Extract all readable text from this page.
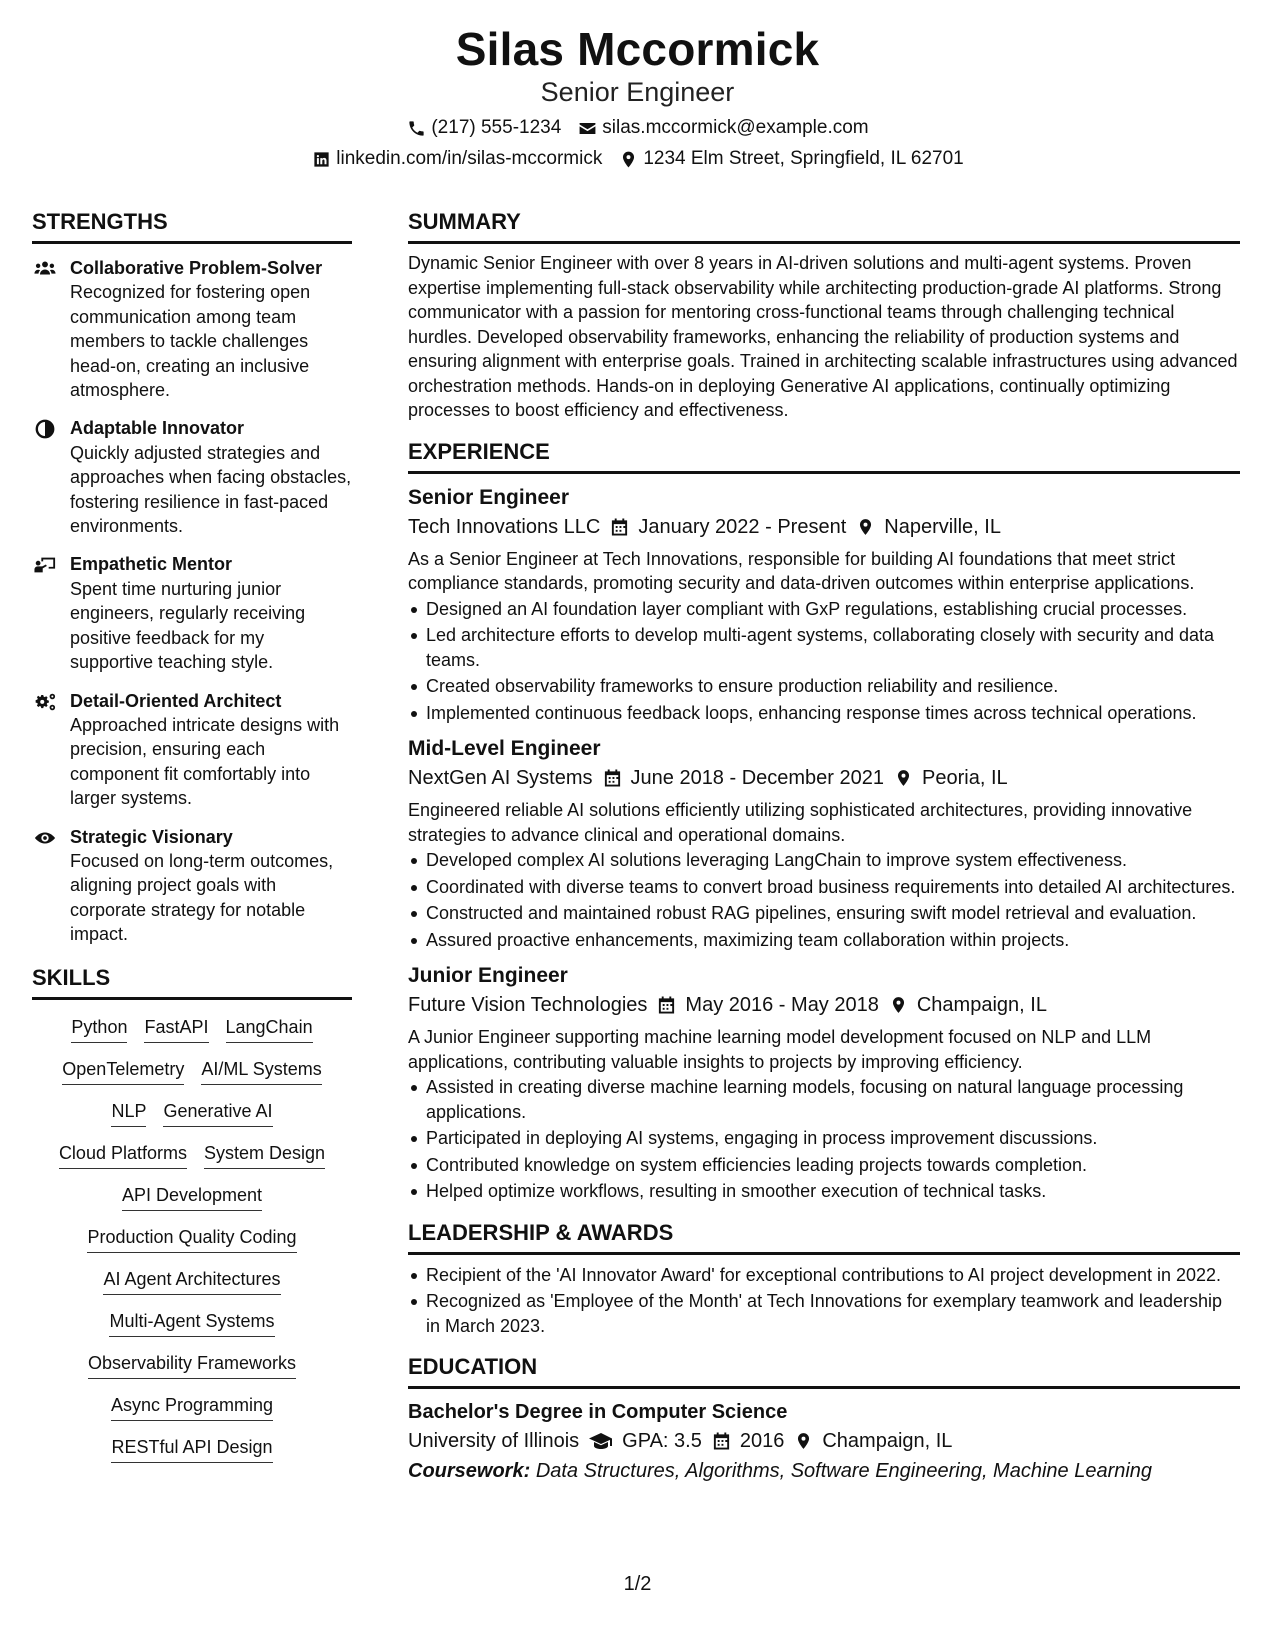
Silas Mccormick
Senior Engineer
(217) 555-1234 silas.mccormick@example.com
linkedin.com/in/silas-mccormick 1234 Elm Street, Springfield, IL 62701
STRENGTHS
Collaborative Problem-Solver
Recognized for fostering open communication among team members to tackle challenges head-on, creating an inclusive atmosphere.
Adaptable Innovator
Quickly adjusted strategies and approaches when facing obstacles, fostering resilience in fast-paced environments.
Empathetic Mentor
Spent time nurturing junior engineers, regularly receiving positive feedback for my supportive teaching style.
Detail-Oriented Architect
Approached intricate designs with precision, ensuring each component fit comfortably into larger systems.
Strategic Visionary
Focused on long-term outcomes, aligning project goals with corporate strategy for notable impact.
SKILLS
Python FastAPI LangChain
OpenTelemetry AI/ML Systems
NLP Generative AI
Cloud Platforms System Design
API Development
Production Quality Coding
AI Agent Architectures
Multi-Agent Systems
Observability Frameworks
Async Programming
RESTful API Design
SUMMARY
Dynamic Senior Engineer with over 8 years in AI-driven solutions and multi-agent systems. Proven expertise implementing full-stack observability while architecting production-grade AI platforms. Strong communicator with a passion for mentoring cross-functional teams through challenging technical hurdles. Developed observability frameworks, enhancing the reliability of production systems and ensuring alignment with enterprise goals. Trained in architecting scalable infrastructures using advanced orchestration methods. Hands-on in deploying Generative AI applications, continually optimizing processes to boost efficiency and effectiveness.
EXPERIENCE
Senior Engineer
Tech Innovations LLC January 2022 - Present Naperville, IL
As a Senior Engineer at Tech Innovations, responsible for building AI foundations that meet strict compliance standards, promoting security and data-driven outcomes within enterprise applications.
Designed an AI foundation layer compliant with GxP regulations, establishing crucial processes.
Led architecture efforts to develop multi-agent systems, collaborating closely with security and data teams.
Created observability frameworks to ensure production reliability and resilience.
Implemented continuous feedback loops, enhancing response times across technical operations.
Mid-Level Engineer
NextGen AI Systems June 2018 - December 2021 Peoria, IL
Engineered reliable AI solutions efficiently utilizing sophisticated architectures, providing innovative strategies to advance clinical and operational domains.
Developed complex AI solutions leveraging LangChain to improve system effectiveness.
Coordinated with diverse teams to convert broad business requirements into detailed AI architectures.
Constructed and maintained robust RAG pipelines, ensuring swift model retrieval and evaluation.
Assured proactive enhancements, maximizing team collaboration within projects.
Junior Engineer
Future Vision Technologies May 2016 - May 2018 Champaign, IL
A Junior Engineer supporting machine learning model development focused on NLP and LLM applications, contributing valuable insights to projects by improving efficiency.
Assisted in creating diverse machine learning models, focusing on natural language processing applications.
Participated in deploying AI systems, engaging in process improvement discussions.
Contributed knowledge on system efficiencies leading projects towards completion.
Helped optimize workflows, resulting in smoother execution of technical tasks.
LEADERSHIP & AWARDS
Recipient of the 'AI Innovator Award' for exceptional contributions to AI project development in 2022.
Recognized as 'Employee of the Month' at Tech Innovations for exemplary teamwork and leadership in March 2023.
EDUCATION
Bachelor's Degree in Computer Science
University of Illinois GPA: 3.5 2016 Champaign, IL
Coursework: Data Structures, Algorithms, Software Engineering, Machine Learning
1/2
